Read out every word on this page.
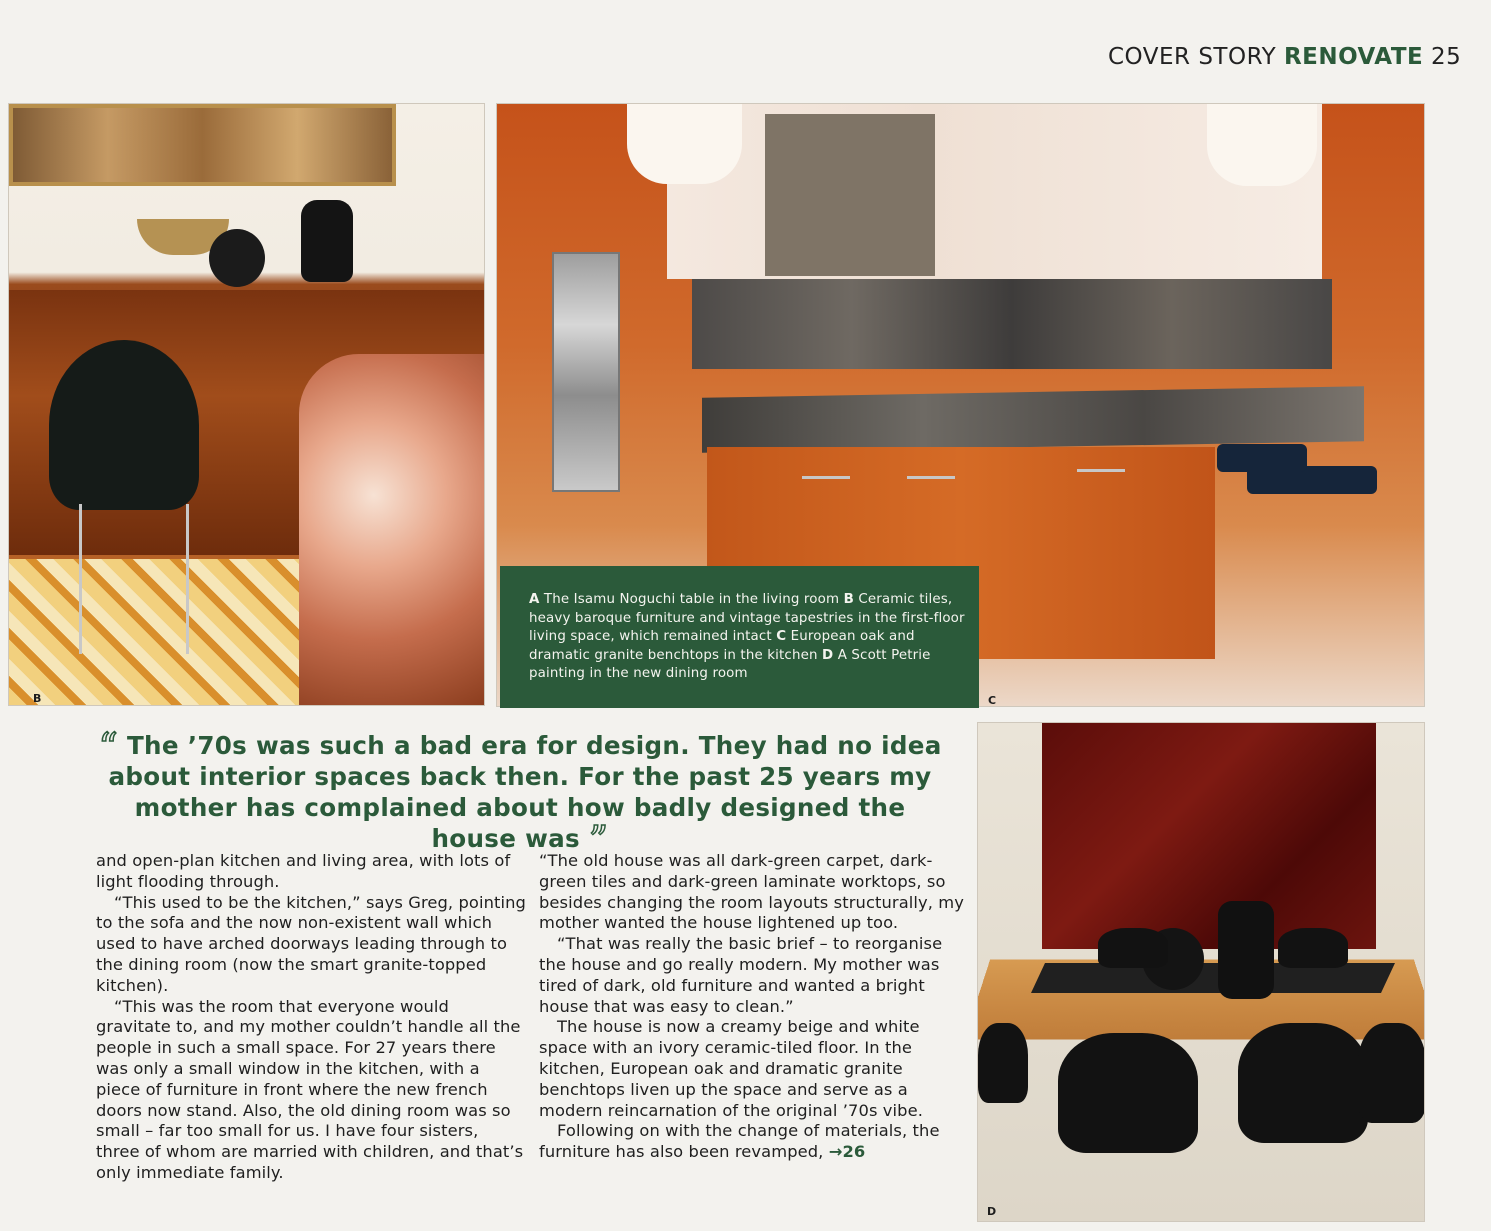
COVER STORY RENOVATE 25
B	C

A The Isamu Noguchi table in the living room B Ceramic tiles, heavy baroque furniture and vintage tapestries in the first-floor living space, which remained intact C European oak and dramatic granite benchtops in the kitchen D A Scott Petrie painting in the new dining room

D
“ The ’70s was such a bad era for design. They had no idea about interior spaces back then. For the past 25 years my mother has complained about how badly designed the house was ”

and open-plan kitchen and living area, with lots of light flooding through.

“This used to be the kitchen,” says Greg, pointing to the sofa and the now non-existent wall which used to have arched doorways leading through to the dining room (now the smart granite-topped kitchen).

“This was the room that everyone would gravitate to, and my mother couldn’t handle all the people in such a small space. For 27 years there was only a small window in the kitchen, with a piece of furniture in front where the new french doors now stand. Also, the old dining room was so small – far too small for us. I have four sisters, three of whom are married with children, and that’s only immediate family.

“The old house was all dark-green carpet, dark-green tiles and dark-green laminate worktops, so besides changing the room layouts structurally, my mother wanted the house lightened up too.

“That was really the basic brief – to reorganise the house and go really modern. My mother was tired of dark, old furniture and wanted a bright house that was easy to clean.”

The house is now a creamy beige and white space with an ivory ceramic-tiled floor. In the kitchen, European oak and dramatic granite benchtops liven up the space and serve as a modern reincarnation of the original ’70s vibe.

Following on with the change of materials, the furniture has also been revamped, →26
